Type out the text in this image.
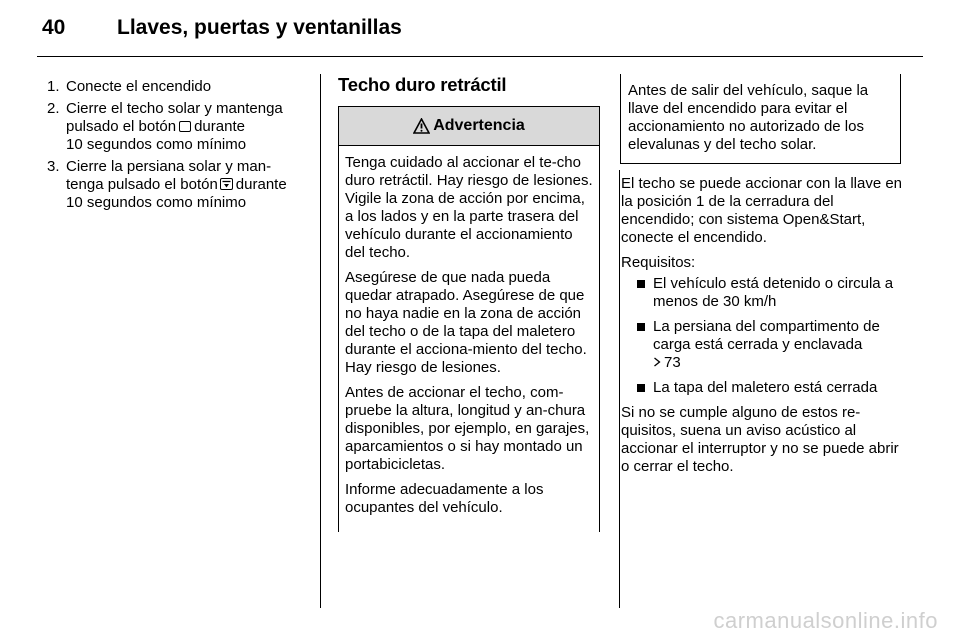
40 Llaves, puertas y ventanillas
1. Conecte el encendido
2. Cierre el techo solar y mantenga
pulsado el botón durante
10 segundos como mínimo
3. Cierre la persiana solar y man-
tenga pulsado el botón durante
10 segundos como mínimo
Techo duro retráctil
Advertencia

Tenga cuidado al accionar el te-cho duro retráctil. Hay riesgo de lesiones. Vigile la zona de acción por encima, a los lados y en la parte trasera del vehículo durante el accionamiento del techo.

Asegúrese de que nada pueda quedar atrapado. Asegúrese de que no haya nadie en la zona de acción del techo o de la tapa del maletero durante el acciona-miento del techo. Hay riesgo de lesiones.

Antes de accionar el techo, com-pruebe la altura, longitud y an-chura disponibles, por ejemplo, en garajes, aparcamientos o si hay montado un portabicicletas.

Informe adecuadamente a los ocupantes del vehículo.

Antes de salir del vehículo, saque la llave del encendido para evitar el accionamiento no autorizado de los elevalunas y del techo solar.

El techo se puede accionar con la llave en la posición 1 de la cerradura del encendido; con sistema Open&Start, conecte el encendido.

Requisitos:

El vehículo está detenido o circula a menos de 30 km/h
La persiana del compartimento de carga está cerrada y enclavada
73
La tapa del maletero está cerrada

Si no se cumple alguno de estos re-quisitos, suena un aviso acústico al accionar el interruptor y no se puede abrir o cerrar el techo.

carmanualsonline.info
